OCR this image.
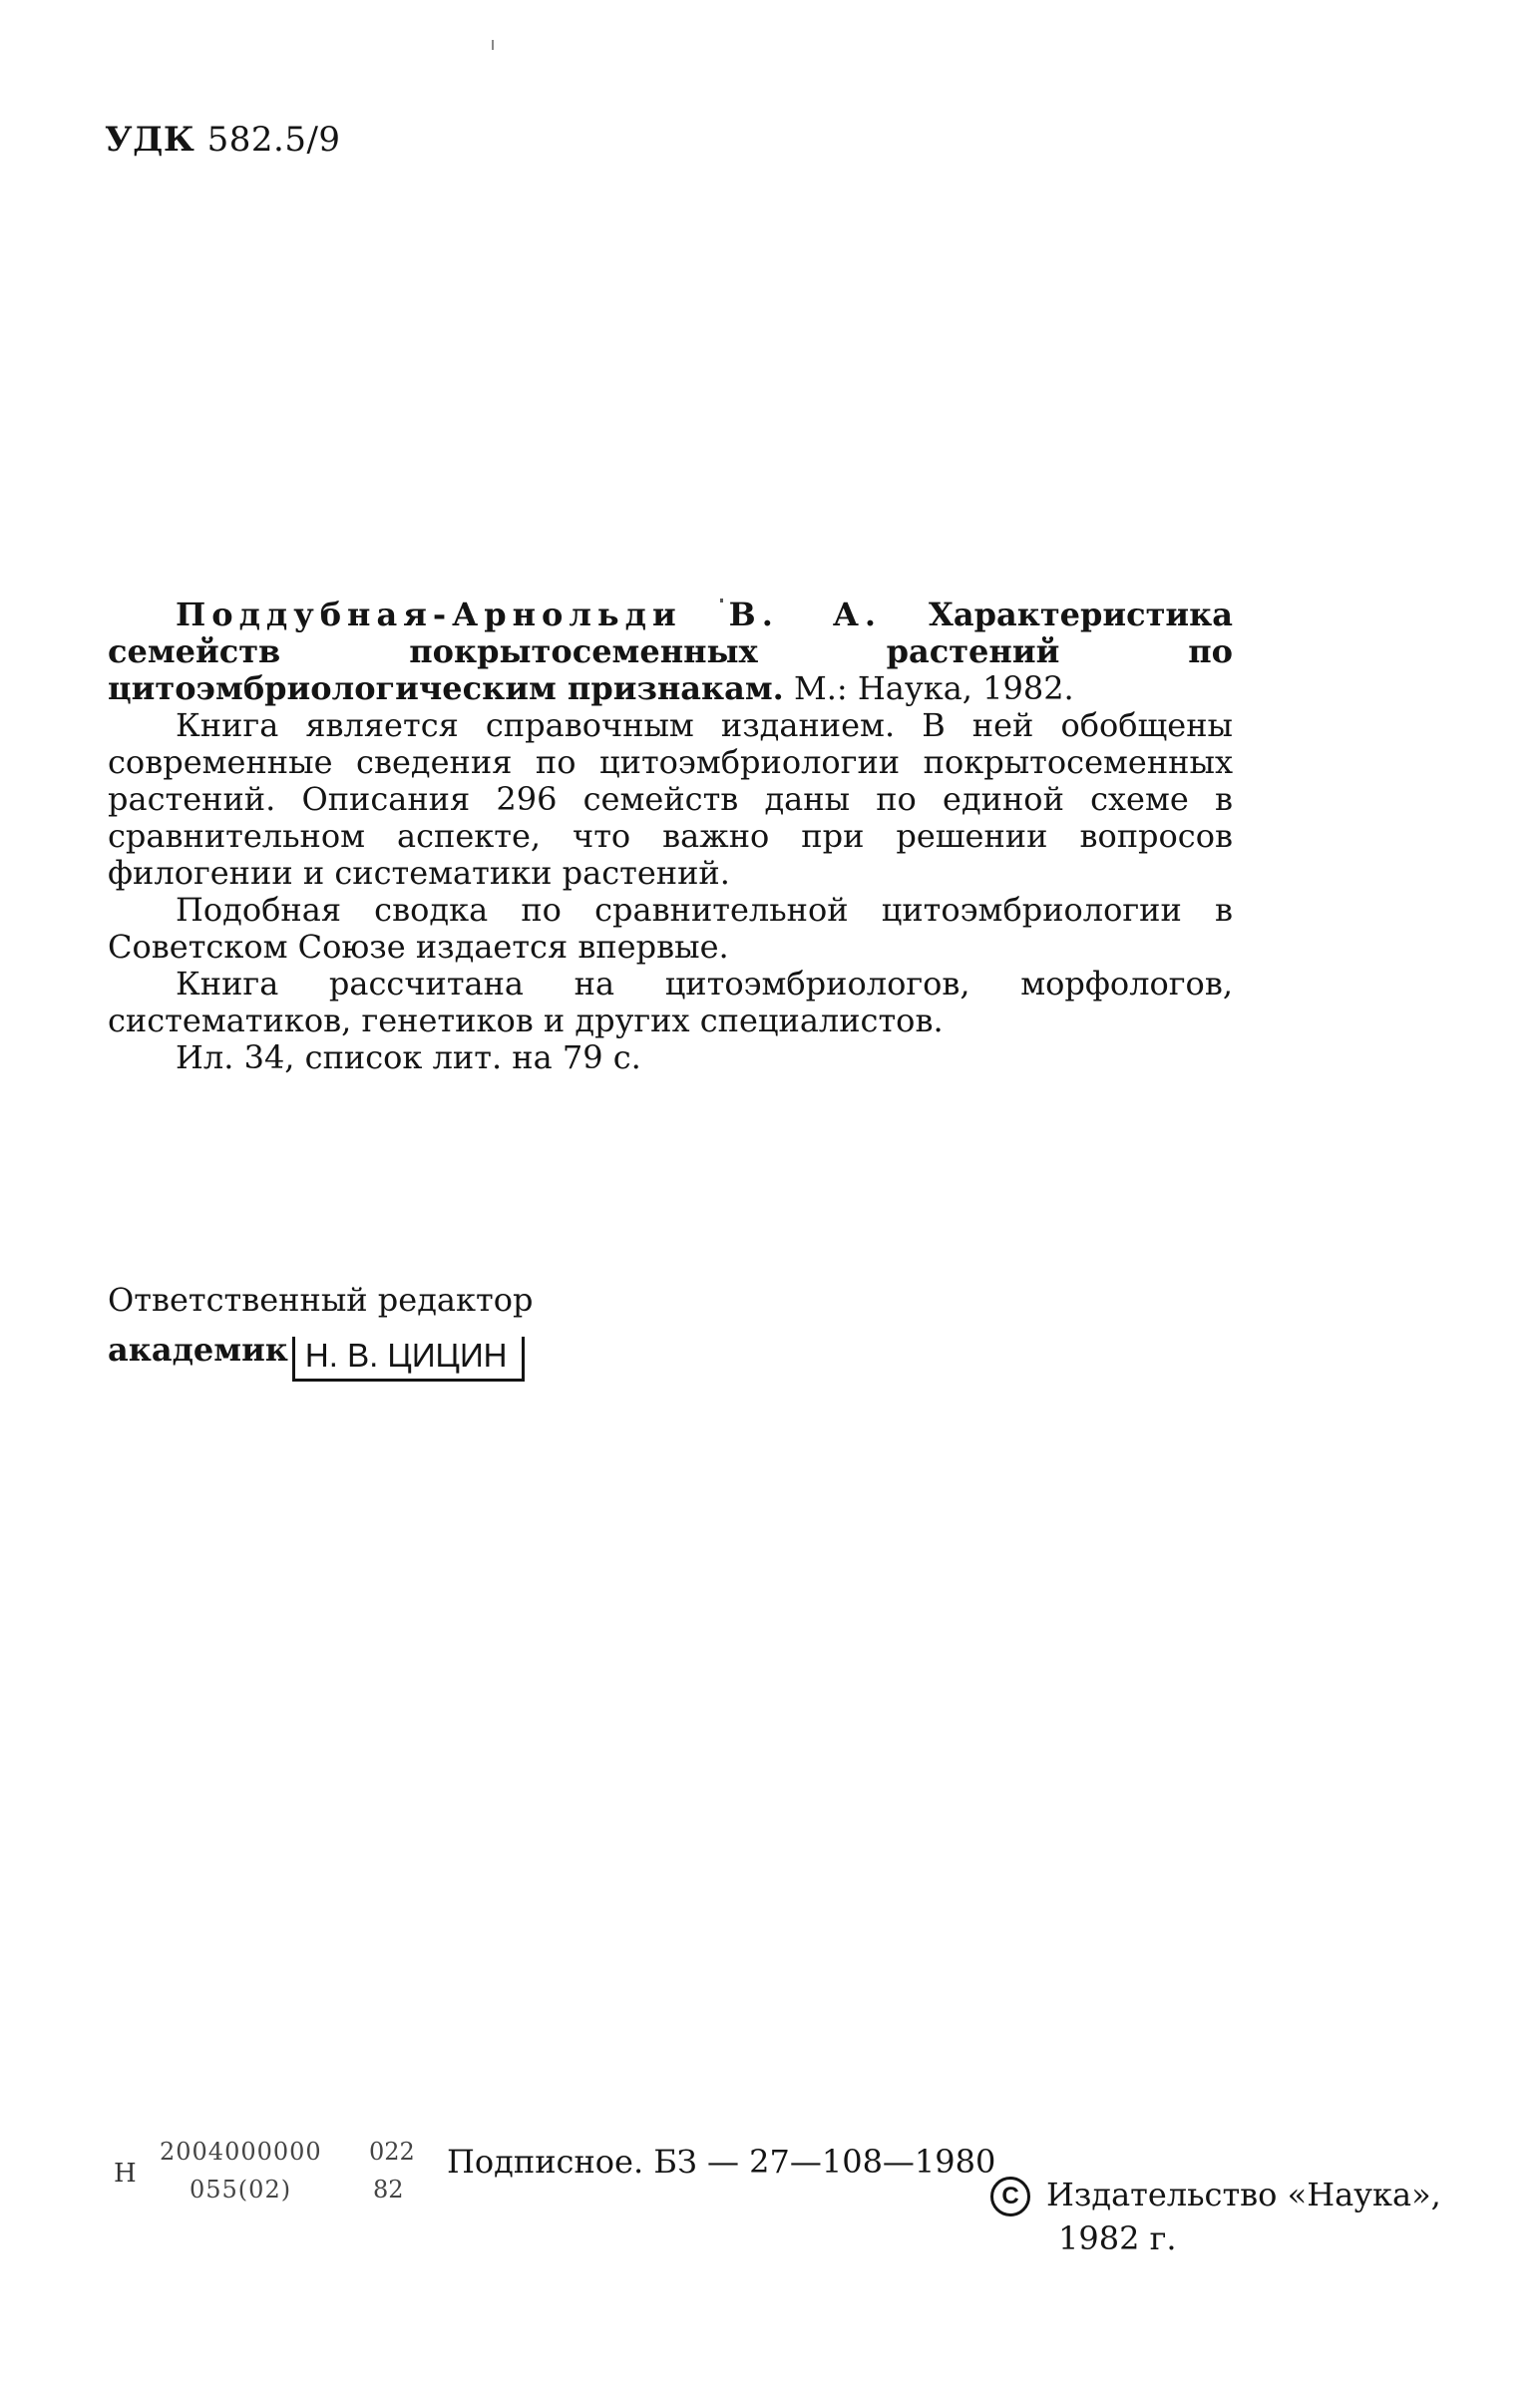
УДК 582.5/9

Поддубная-Арнольди В. А. Характеристика семейств покрытосеменных растений по цитоэмбриологическим признакам. М.: Наука, 1982.

Книга является справочным изданием. В ней обобщены современные сведения по цитоэмбриологии покрытосеменных растений. Описания 296 семейств даны по единой схеме в сравнительном аспекте, что важно при решении вопросов филогении и систематики растений.

Подобная сводка по сравнительной цитоэмбриологии в Советском Союзе издается впервые.

Книга рассчитана на цитоэмбриологов, морфологов, систематиков, генетиков и других специалистов.

Ил. 34, список лит. на 79 с.

Ответственный редактор
академик Н. В. ЦИЦИН
Н
2004000000
055(02)
022
82
Подписное. БЗ — 27—108—1980
C Издательство «Наука»,
1982 г.
